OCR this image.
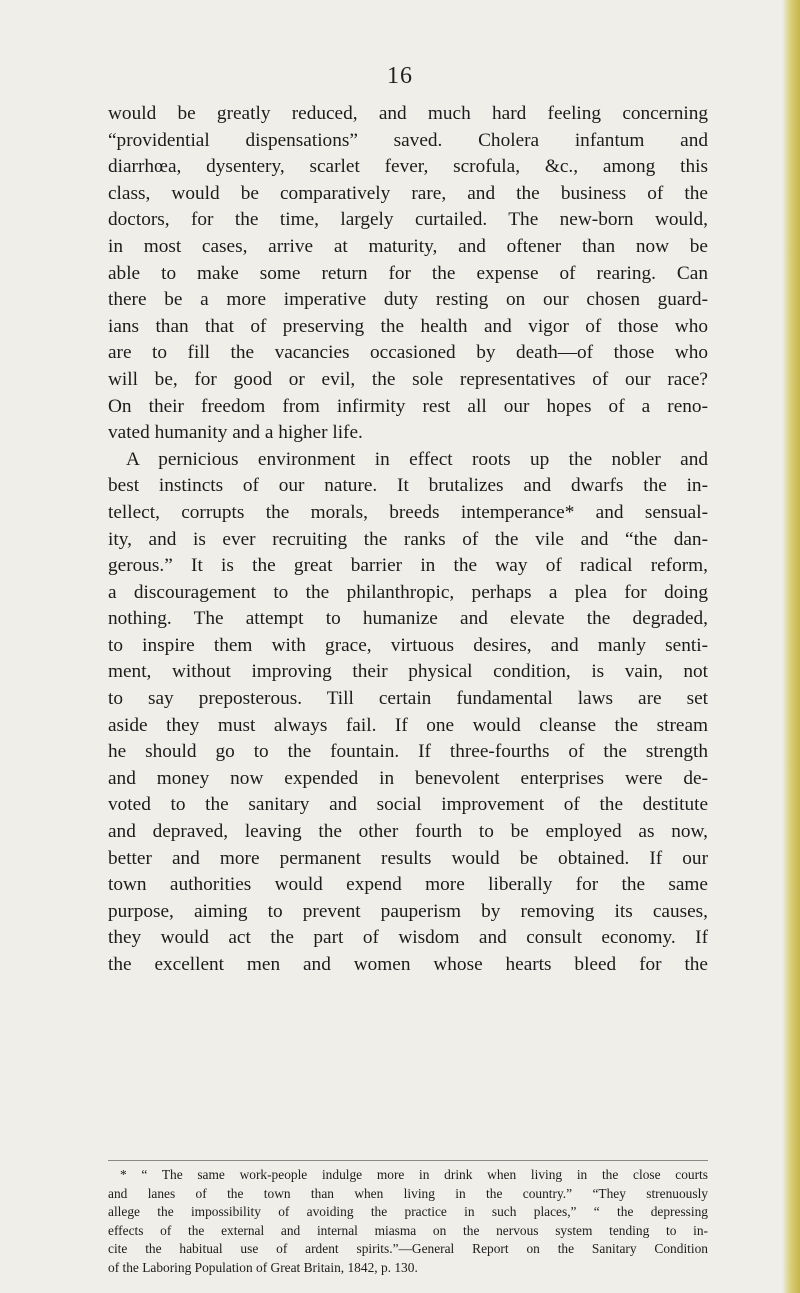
16
would be greatly reduced, and much hard feeling concerning
“providential dispensations” saved. Cholera infantum and
diarrhœa, dysentery, scarlet fever, scrofula, &c., among this
class, would be comparatively rare, and the business of the
doctors, for the time, largely curtailed. The new-born would,
in most cases, arrive at maturity, and oftener than now be
able to make some return for the expense of rearing. Can
there be a more imperative duty resting on our chosen guard-
ians than that of preserving the health and vigor of those who
are to fill the vacancies occasioned by death—of those who
will be, for good or evil, the sole representatives of our race?
On their freedom from infirmity rest all our hopes of a reno-
vated humanity and a higher life.
A pernicious environment in effect roots up the nobler and
best instincts of our nature. It brutalizes and dwarfs the in-
tellect, corrupts the morals, breeds intemperance* and sensual-
ity, and is ever recruiting the ranks of the vile and “the dan-
gerous.” It is the great barrier in the way of radical reform,
a discouragement to the philanthropic, perhaps a plea for doing
nothing. The attempt to humanize and elevate the degraded,
to inspire them with grace, virtuous desires, and manly senti-
ment, without improving their physical condition, is vain, not
to say preposterous. Till certain fundamental laws are set
aside they must always fail. If one would cleanse the stream
he should go to the fountain. If three-fourths of the strength
and money now expended in benevolent enterprises were de-
voted to the sanitary and social improvement of the destitute
and depraved, leaving the other fourth to be employed as now,
better and more permanent results would be obtained. If our
town authorities would expend more liberally for the same
purpose, aiming to prevent pauperism by removing its causes,
they would act the part of wisdom and consult economy. If
the excellent men and women whose hearts bleed for the
* “ The same work-people indulge more in drink when living in the close courts
and lanes of the town than when living in the country.” “They strenuously
allege the impossibility of avoiding the practice in such places,” “ the depressing
effects of the external and internal miasma on the nervous system tending to in-
cite the habitual use of ardent spirits.”—General Report on the Sanitary Condition
of the Laboring Population of Great Britain, 1842, p. 130.
